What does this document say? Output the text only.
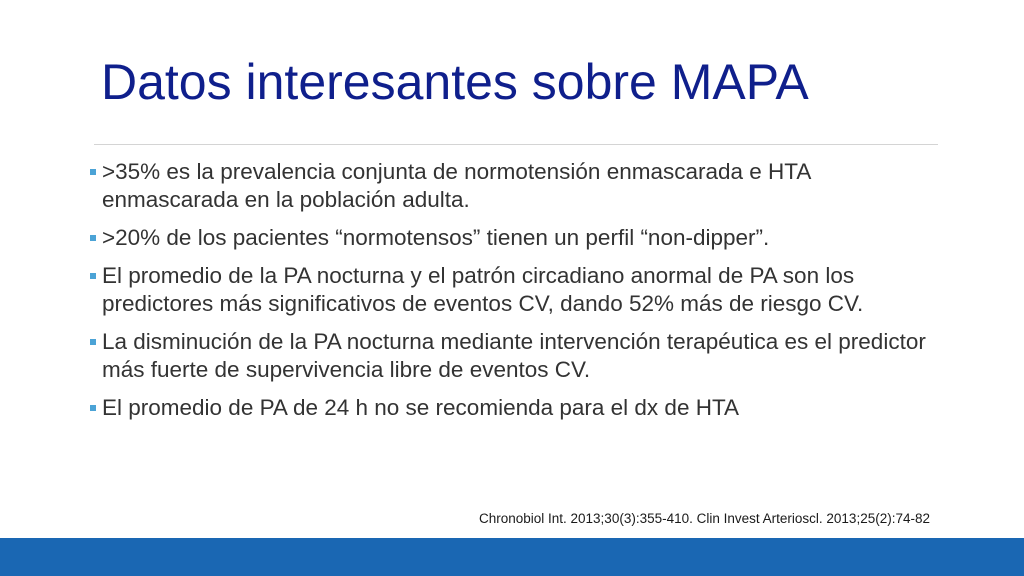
Datos interesantes sobre MAPA
>35% es la prevalencia conjunta de normotensión enmascarada e HTA enmascarada en la población adulta.
>20% de los pacientes “normotensos” tienen un perfil “non-dipper”.
El promedio de la PA nocturna y el patrón circadiano anormal de PA son los predictores más significativos de eventos CV, dando 52% más de riesgo CV.
La disminución de la PA nocturna mediante intervención terapéutica es el predictor más fuerte de supervivencia libre de eventos CV.
El promedio de PA de 24 h no se recomienda para el dx de HTA
Chronobiol Int. 2013;30(3):355-410. Clin Invest Arterioscl. 2013;25(2):74-82
